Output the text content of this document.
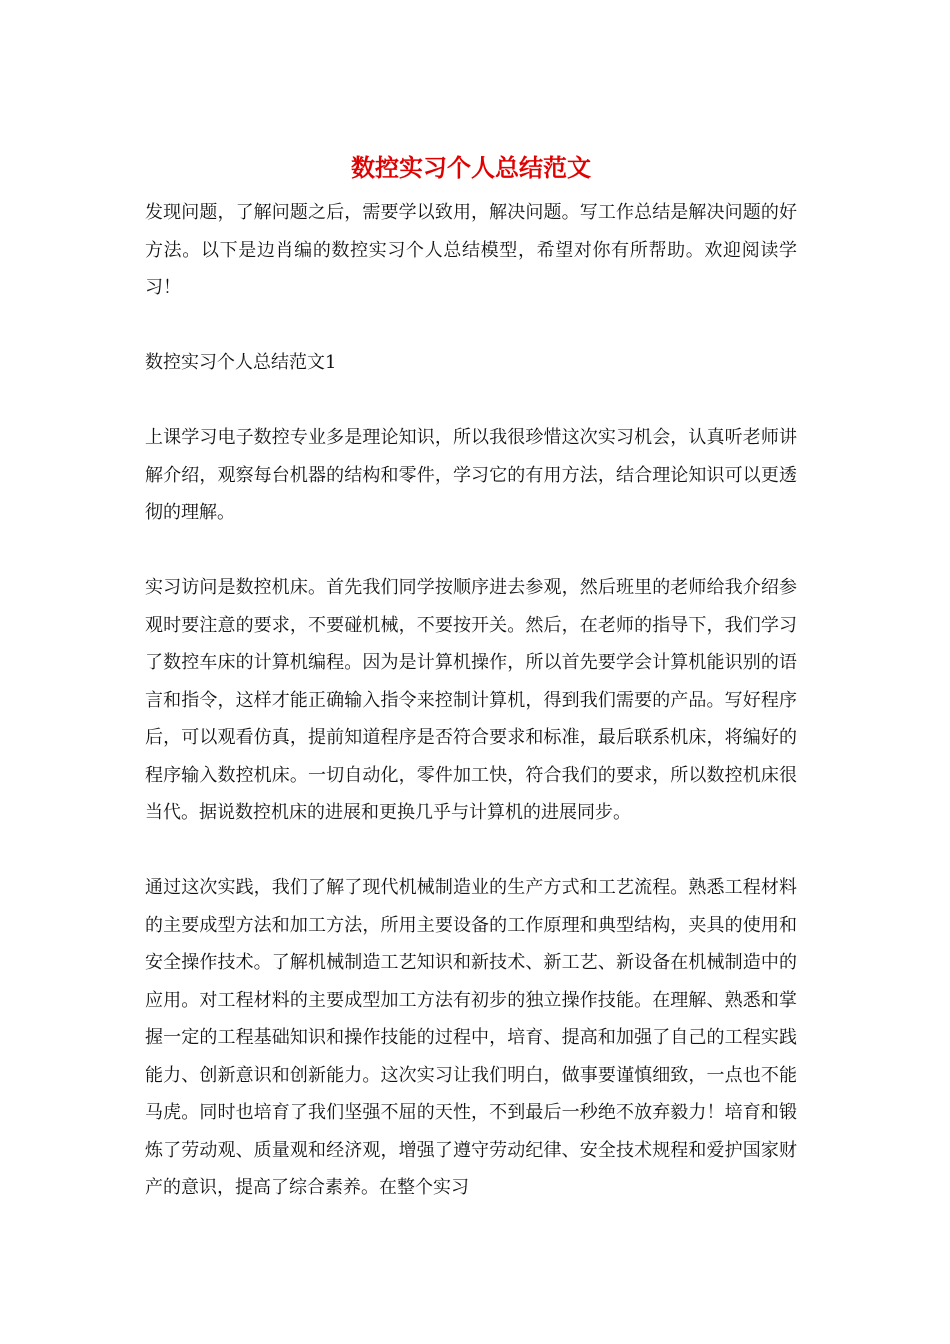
数控实习个人总结范文

发现问题，了解问题之后，需要学以致用，解决问题。写工作总结是解决问题的好方法。以下是边肖编的数控实习个人总结模型，希望对你有所帮助。欢迎阅读学习！

数控实习个人总结范文1

上课学习电子数控专业多是理论知识，所以我很珍惜这次实习机会，认真听老师讲解介绍，观察每台机器的结构和零件，学习它的有用方法，结合理论知识可以更透彻的理解。

实习访问是数控机床。首先我们同学按顺序进去参观，然后班里的老师给我介绍参观时要注意的要求，不要碰机械，不要按开关。然后，在老师的指导下，我们学习了数控车床的计算机编程。因为是计算机操作，所以首先要学会计算机能识别的语言和指令，这样才能正确输入指令来控制计算机，得到我们需要的产品。写好程序后，可以观看仿真，提前知道程序是否符合要求和标准，最后联系机床，将编好的程序输入数控机床。一切自动化，零件加工快，符合我们的要求，所以数控机床很当代。据说数控机床的进展和更换几乎与计算机的进展同步。

通过这次实践，我们了解了现代机械制造业的生产方式和工艺流程。熟悉工程材料的主要成型方法和加工方法，所用主要设备的工作原理和典型结构，夹具的使用和安全操作技术。了解机械制造工艺知识和新技术、新工艺、新设备在机械制造中的应用。对工程材料的主要成型加工方法有初步的独立操作技能。在理解、熟悉和掌握一定的工程基础知识和操作技能的过程中，培育、提高和加强了自己的工程实践能力、创新意识和创新能力。这次实习让我们明白，做事要谨慎细致，一点也不能马虎。同时也培育了我们坚强不屈的天性，不到最后一秒绝不放弃毅力！培育和锻炼了劳动观、质量观和经济观，增强了遵守劳动纪律、安全技术规程和爱护国家财产的意识，提高了综合素养。在整个实习
